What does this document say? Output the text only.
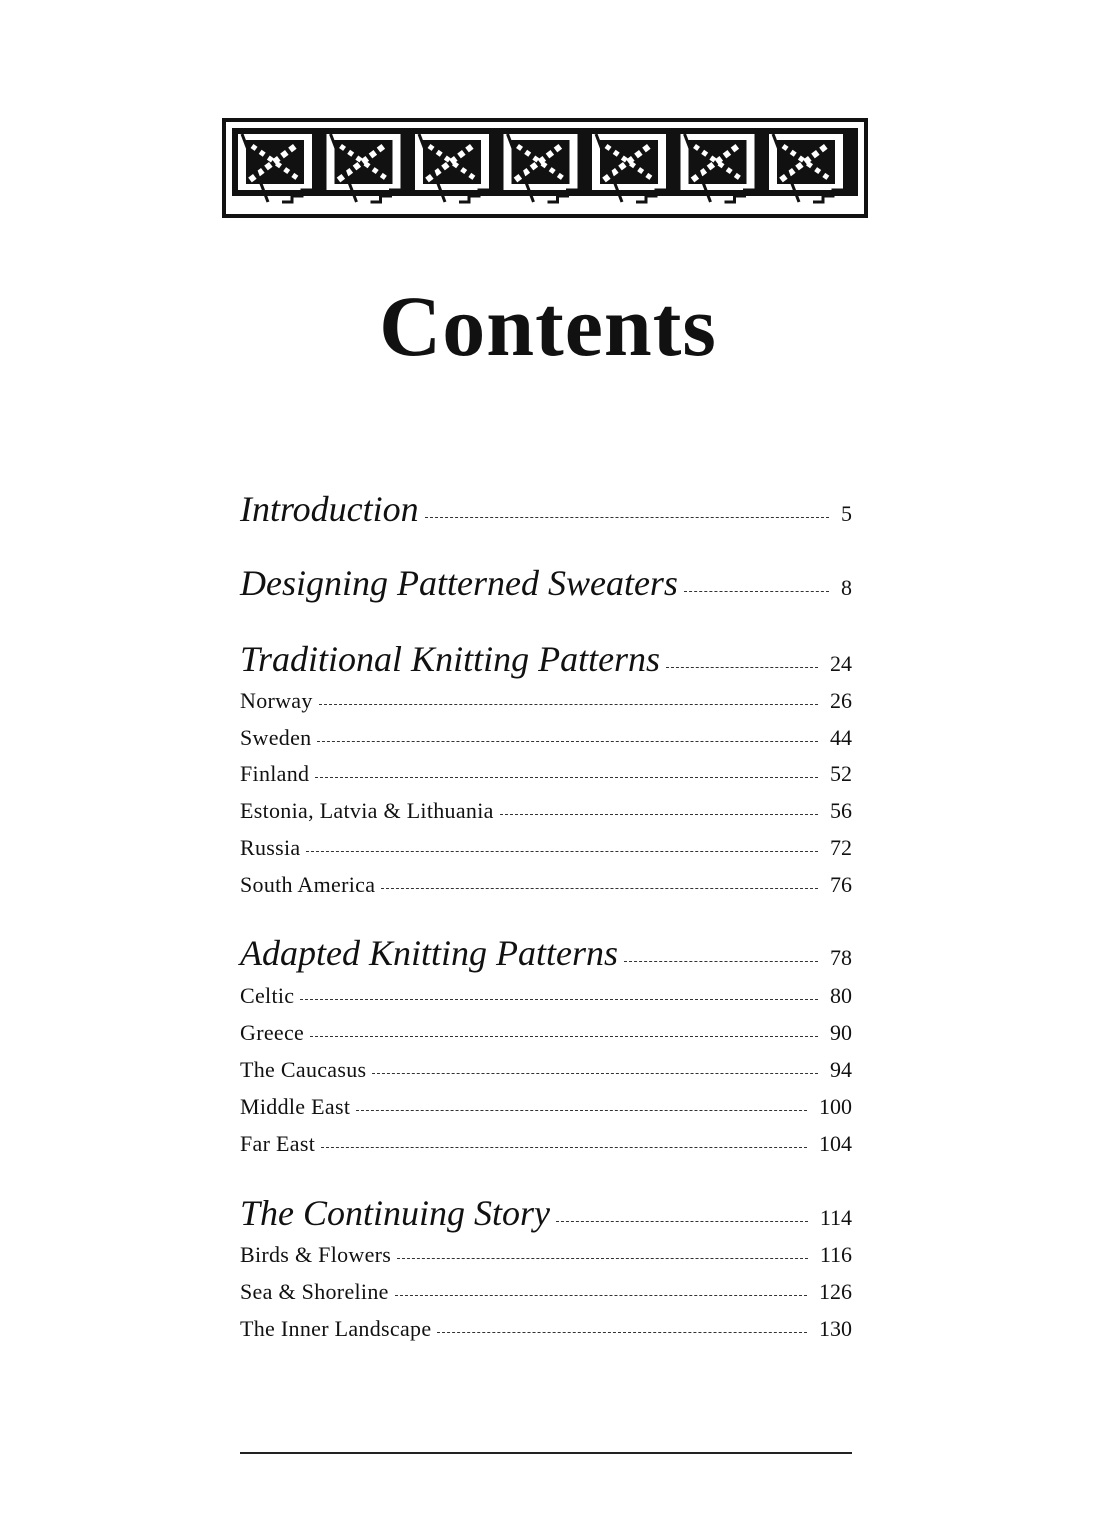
Contents
Introduction	5
Designing Patterned Sweaters	8
Traditional Knitting Patterns	24
Norway	26
Sweden	44
Finland	52
Estonia, Latvia & Lithuania	56
Russia	72
South America	76
Adapted Knitting Patterns	78
Celtic	80
Greece	90
The Caucasus	94
Middle East	100
Far East	104
The Continuing Story	114
Birds & Flowers	116
Sea & Shoreline	126
The Inner Landscape	130
